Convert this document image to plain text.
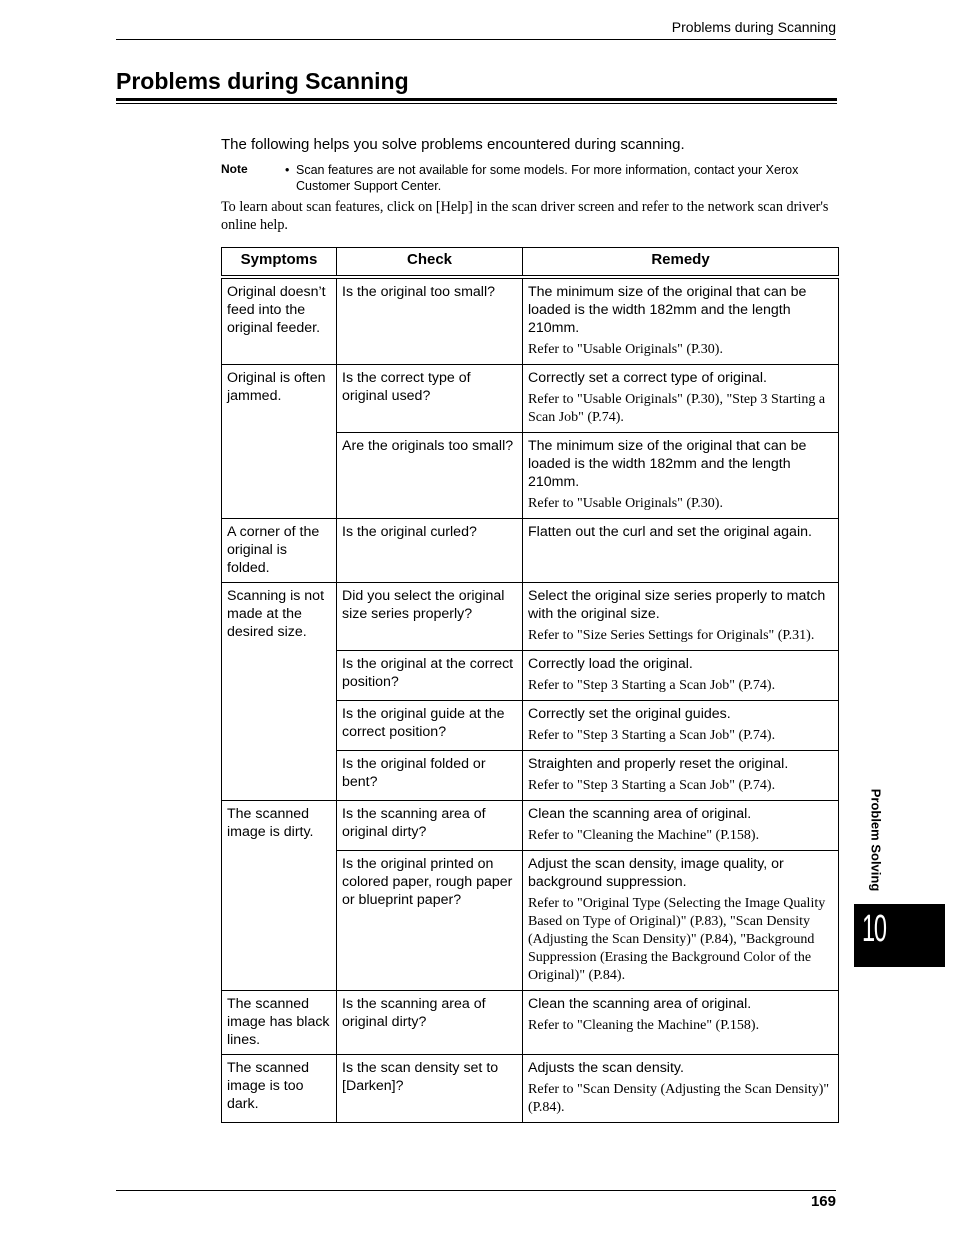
Problems during Scanning
Problems during Scanning

The following helps you solve problems encountered during scanning.

Note	• Scan features are not available for some models. For more information, contact your Xerox Customer Support Center.

To learn about scan features, click on [Help] in the scan driver screen and refer to the network scan driver's online help.

Symptoms	Check	Remedy
Original doesn’t feed into the original feeder.	Is the original too small?	The minimum size of the original that can be loaded is the width 182mm and the length 210mm.
Refer to "Usable Originals" (P.30).

Original is often jammed.	Is the correct type of original used?	Correctly set a correct type of original.
Refer to "Usable Originals" (P.30), "Step 3 Starting a Scan Job" (P.74).

	Are the originals too small?	The minimum size of the original that can be loaded is the width 182mm and the length 210mm.
Refer to "Usable Originals" (P.30).

A corner of the original is folded.	Is the original curled?	Flatten out the curl and set the original again.
Scanning is not made at the desired size.	Did you select the original size series properly?	Select the original size series properly to match with the original size.
Refer to "Size Series Settings for Originals" (P.31).

	Is the original at the correct position?	Correctly load the original.
Refer to "Step 3 Starting a Scan Job" (P.74).

	Is the original guide at the correct position?	Correctly set the original guides.
Refer to "Step 3 Starting a Scan Job" (P.74).

	Is the original folded or bent?	Straighten and properly reset the original.
Refer to "Step 3 Starting a Scan Job" (P.74).

The scanned image is dirty.	Is the scanning area of original dirty?	Clean the scanning area of original.
Refer to "Cleaning the Machine" (P.158).

	Is the original printed on colored paper, rough paper or blueprint paper?	Adjust the scan density, image quality, or background suppression.
Refer to "Original Type (Selecting the Image Quality Based on Type of Original)" (P.83), "Scan Density (Adjusting the Scan Density)" (P.84), "Background Suppression (Erasing the Background Color of the Original)" (P.84).

The scanned image has black lines.	Is the scanning area of original dirty?	Clean the scanning area of original.
Refer to "Cleaning the Machine" (P.158).

The scanned image is too dark.	Is the scan density set to [Darken]?	Adjusts the scan density.
Refer to "Scan Density (Adjusting the Scan Density)" (P.84).
Problem Solving
10
169
